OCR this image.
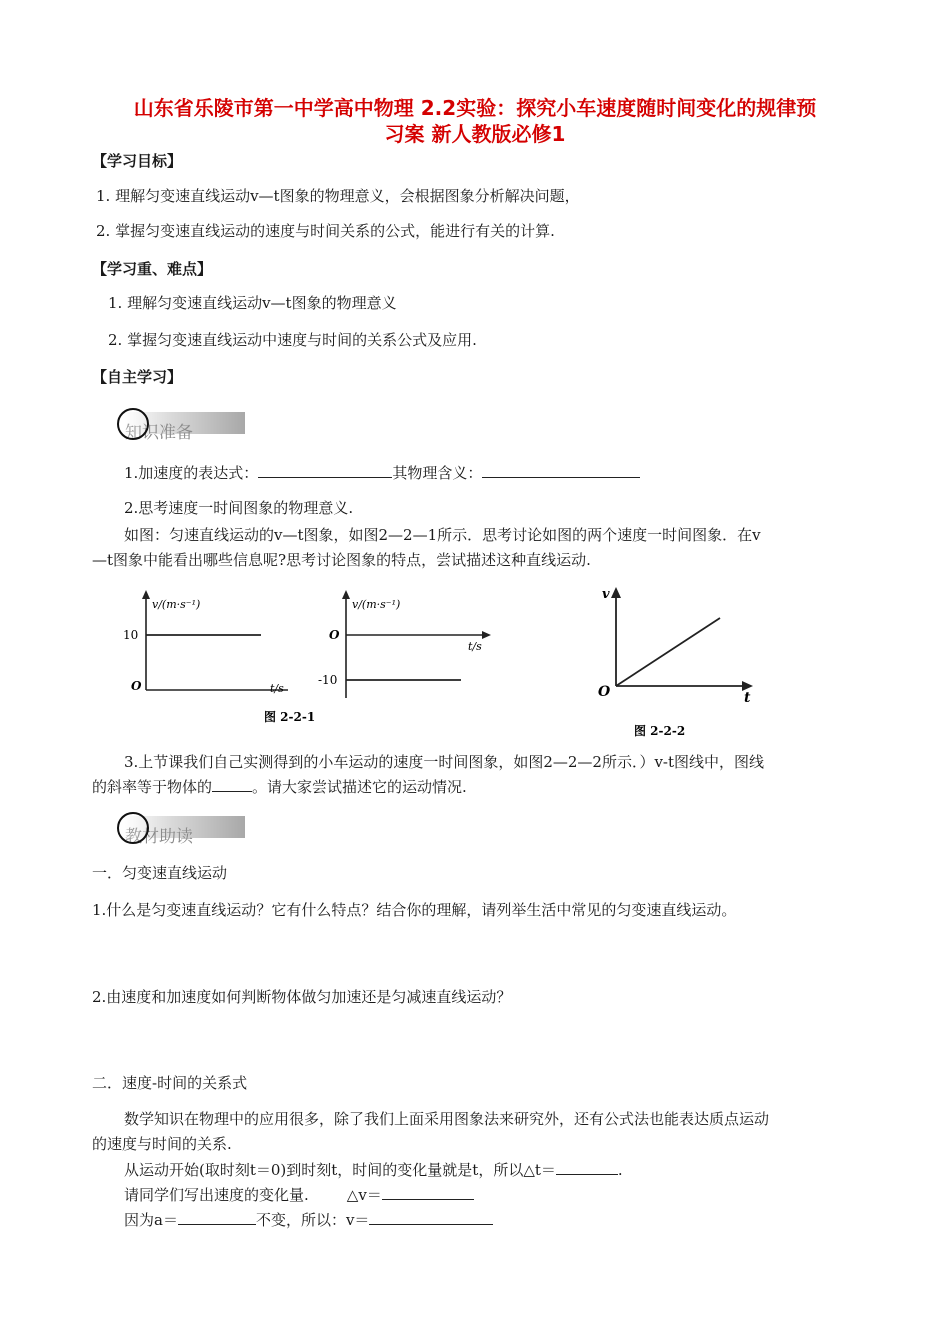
山东省乐陵市第一中学高中物理 2.2实验：探究小车速度随时间变化的规律预
习案 新人教版必修1
【学习目标】
1. 理解匀变速直线运动v—t图象的物理意义，会根据图象分析解决问题，
2. 掌握匀变速直线运动的速度与时间关系的公式，能进行有关的计算.
【学习重、难点】
1. 理解匀变速直线运动v—t图象的物理意义
2. 掌握匀变速直线运动中速度与时间的关系公式及应用.
【自主学习】
知识准备
1.加速度的表达式：	其物理含义：
2.思考速度一时间图象的物理意义.
如图：匀速直线运动的v—t图象，如图2—2—1所示．思考讨论如图的两个速度一时间图象．在v
—t图象中能看出哪些信息呢?思考讨论图象的特点，尝试描述这种直线运动.
v/(m·s⁻¹)
10
O	t/s
v/(m·s⁻¹)
O
-10
t/s
图 2-2-1
v
O	t
图 2-2-2
3.上节课我们自己实测得到的小车运动的速度一时间图象，如图2—2—2所示．）v-t图线中，图线
的斜率等于物体的	。请大家尝试描述它的运动情况.
教材助读
一．匀变速直线运动
1.什么是匀变速直线运动？它有什么特点？结合你的理解，请列举生活中常见的匀变速直线运动。
2.由速度和加速度如何判断物体做匀加速还是匀减速直线运动？
二．速度-时间的关系式
数学知识在物理中的应用很多，除了我们上面采用图象法来研究外，还有公式法也能表达质点运动
的速度与时间的关系.
从运动开始(取时刻t＝0)到时刻t，时间的变化量就是t，所以△t＝	.
请同学们写出速度的变化量.	△v＝
因为a＝	不变，所以：v＝
